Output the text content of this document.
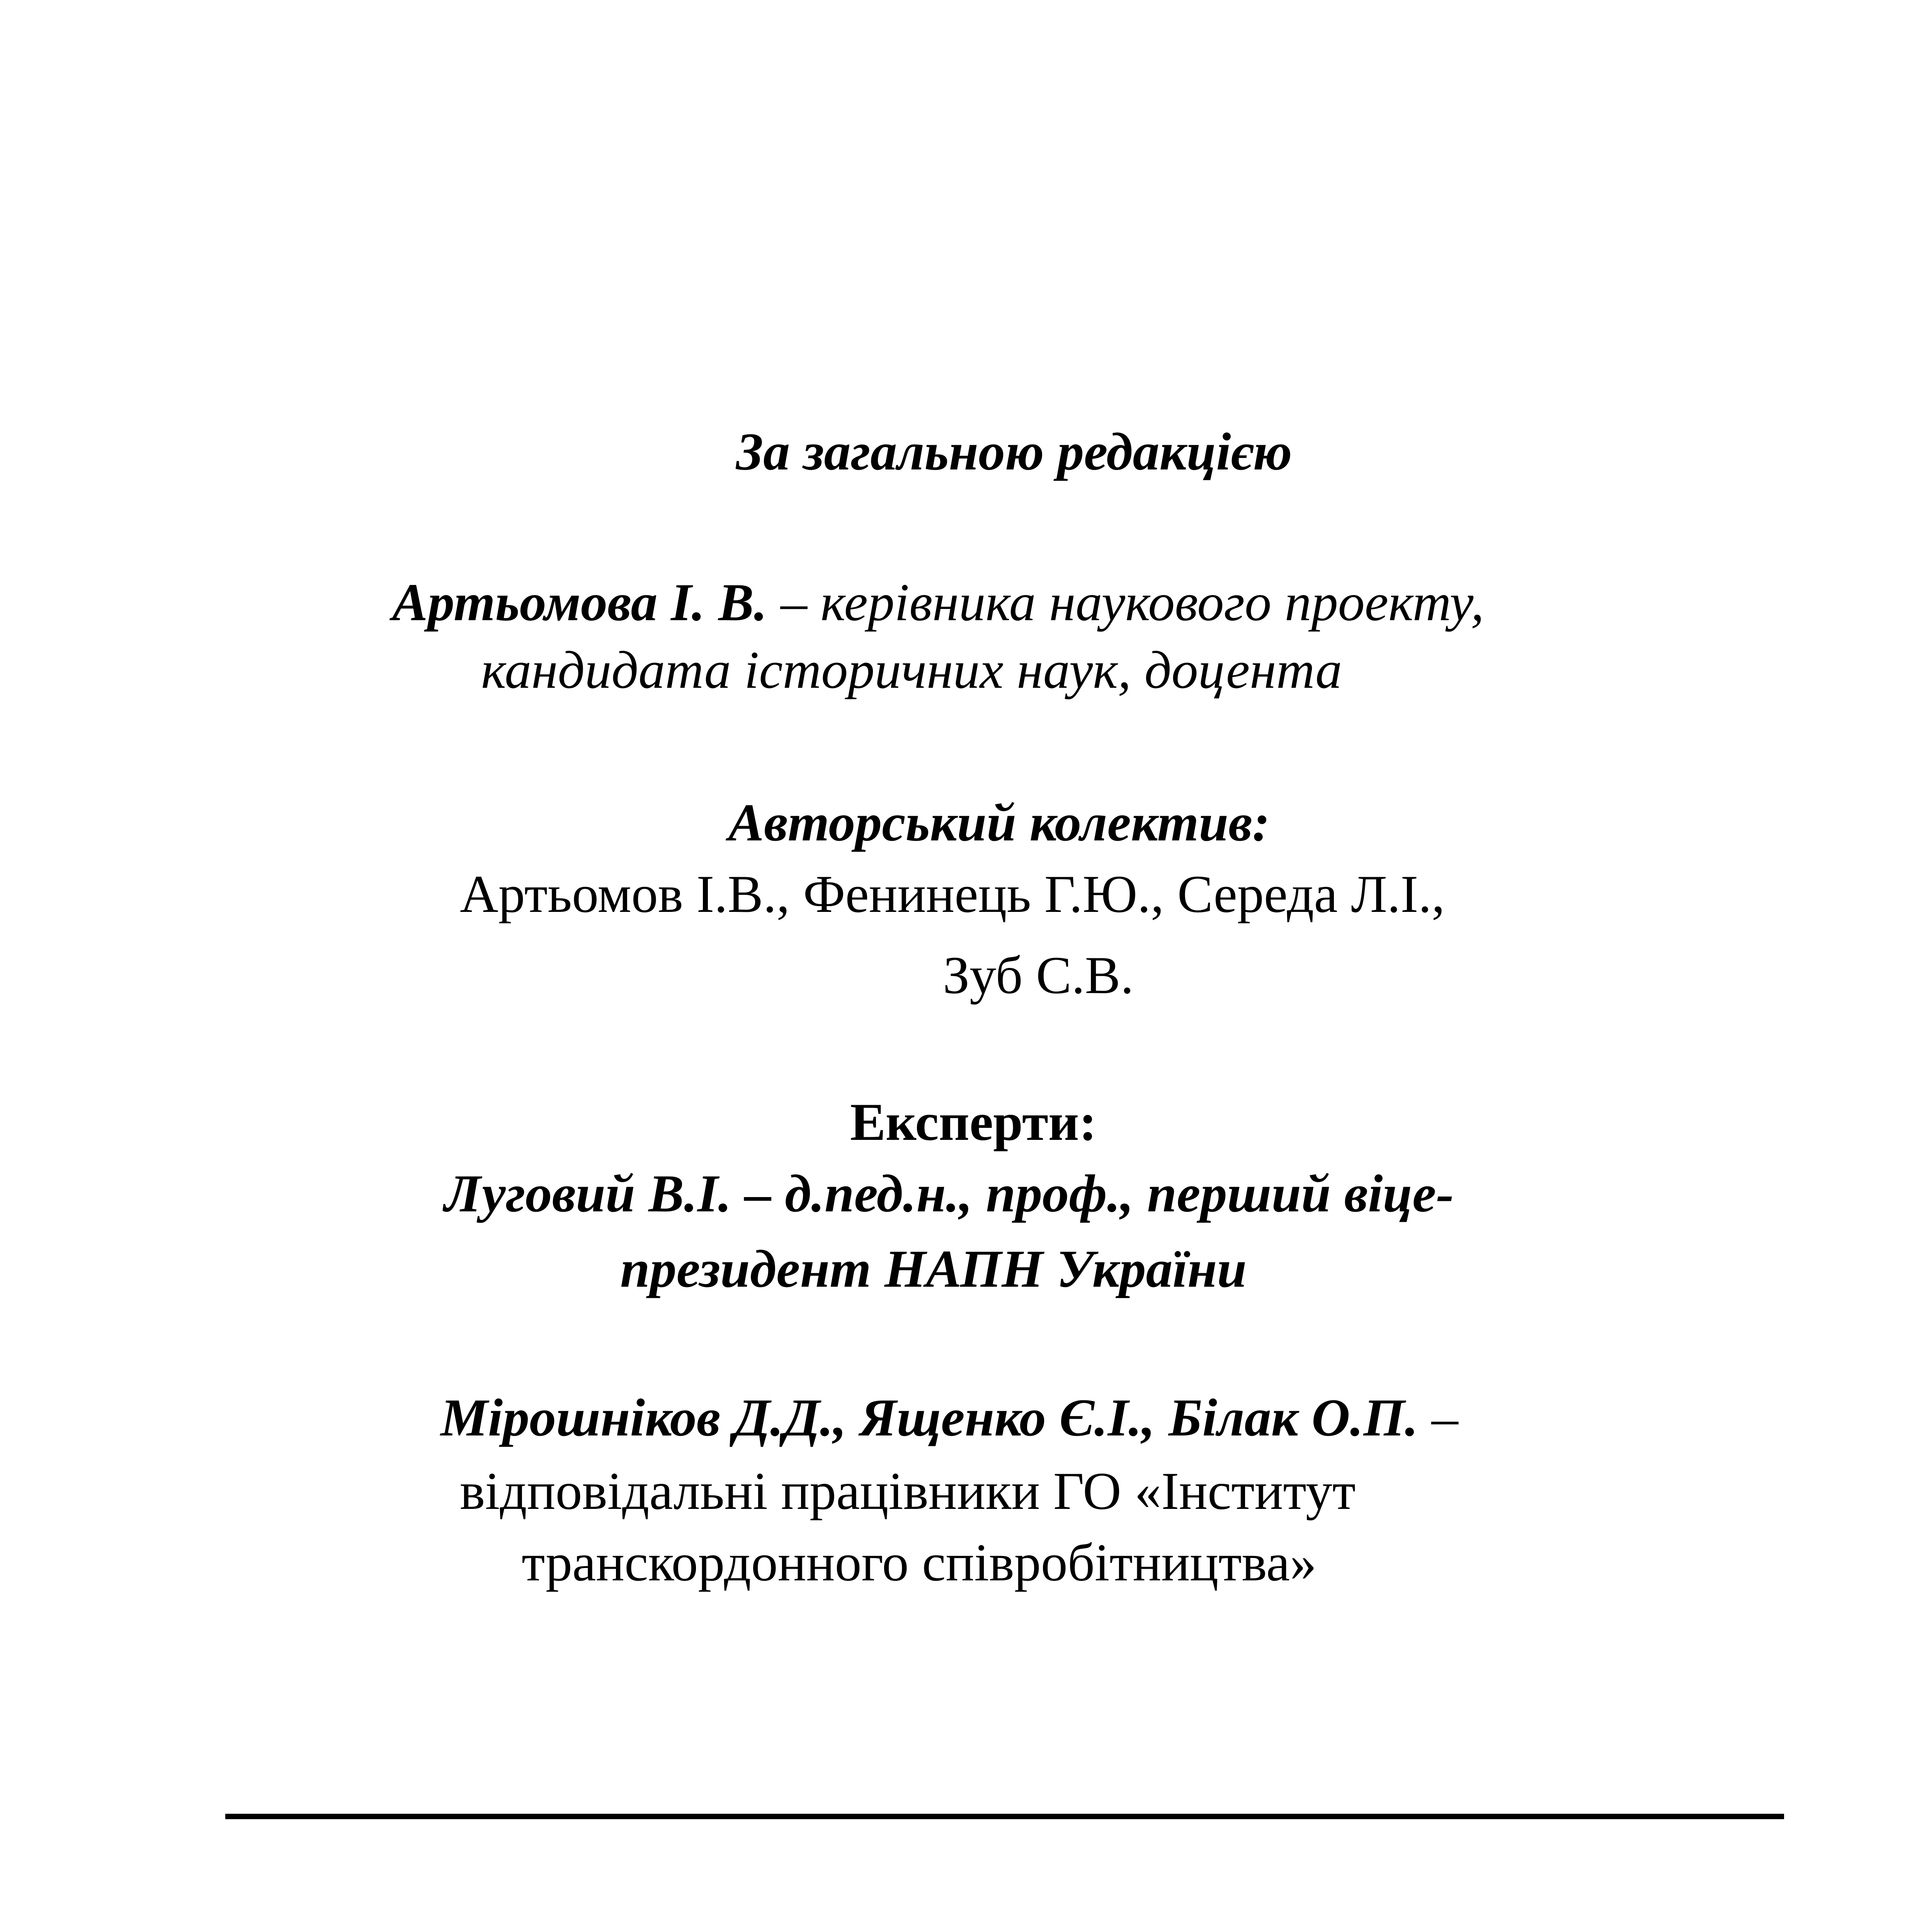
За загальною редакцією
Артьомова І. В. – керівника наукового проекту,
кандидата історичних наук, доцента
Авторський колектив:
Артьомов І.В., Фенинець Г.Ю., Середа Л.І.,
Зуб С.В.
Експерти:
Луговий В.І. – д.пед.н., проф., перший віце-
президент НАПН України
Мірошніков Д.Д., Ященко Є.І., Білак О.П. –
відповідальні працівники ГО «Інститут
транскордонного співробітництва»
